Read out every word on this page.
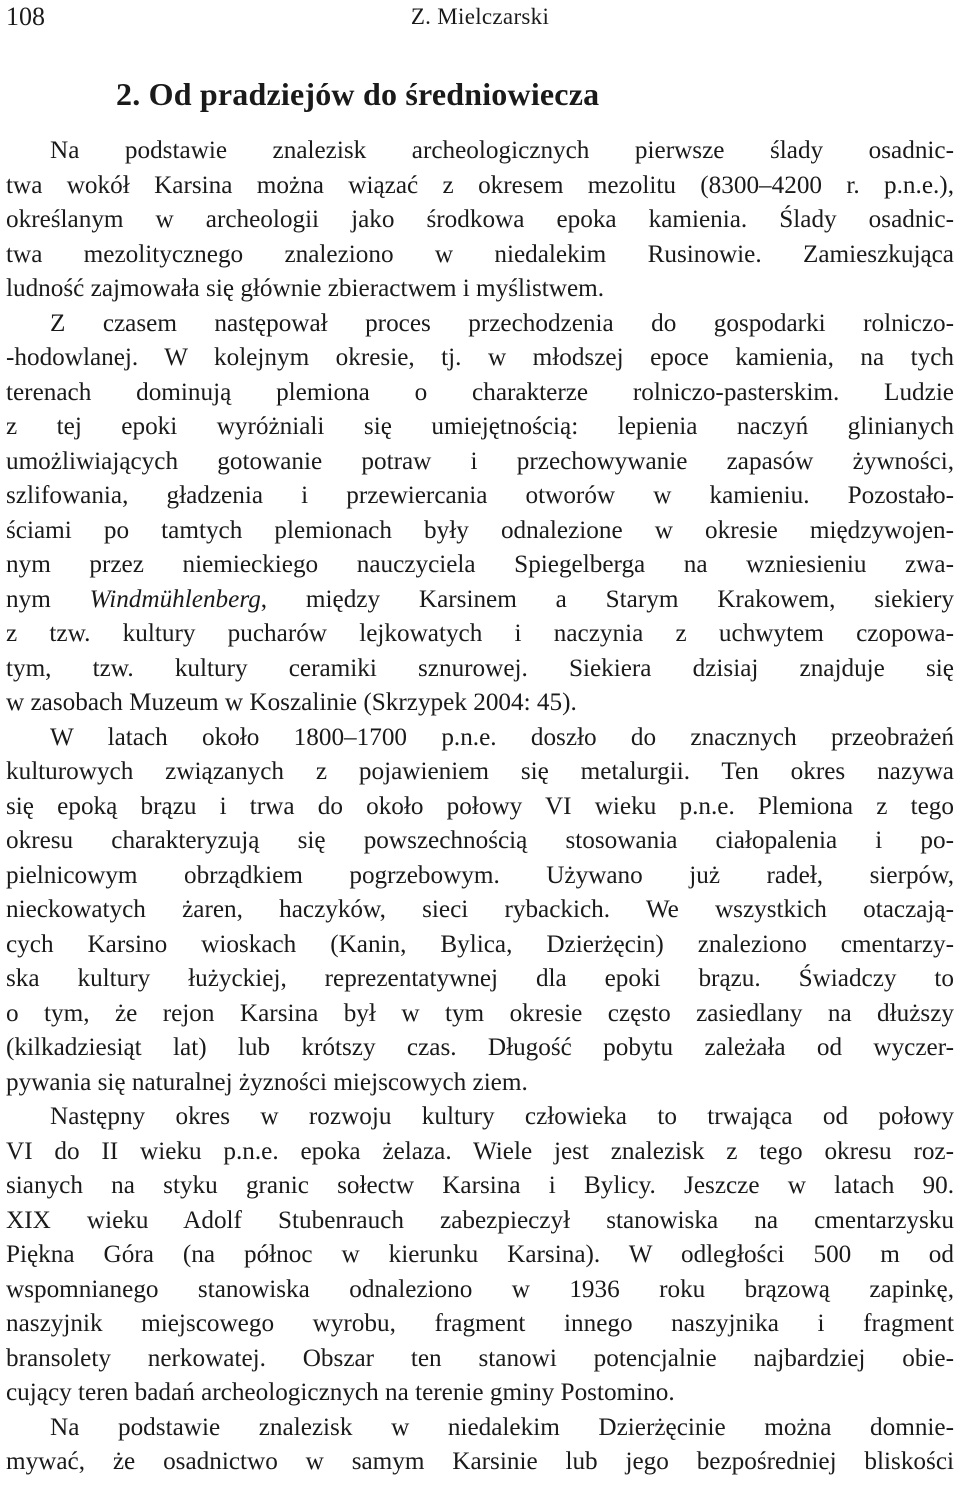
108	Z. Mielczarski
2. Od pradziejów do średniowiecza

Na podstawie znalezisk archeologicznych pierwsze ślady osadnic-
twa wokół Karsina można wiązać z okresem mezolitu (8300–4200 r. p.n.e.),
określanym w archeologii jako środkowa epoka kamienia. Ślady osadnic-
twa mezolitycznego znaleziono w niedalekim Rusinowie. Zamieszkująca
ludność zajmowała się głównie zbieractwem i myślistwem.
Z czasem następował proces przechodzenia do gospodarki rolniczo-
-hodowlanej. W kolejnym okresie, tj. w młodszej epoce kamienia, na tych
terenach dominują plemiona o charakterze rolniczo-pasterskim. Ludzie
z tej epoki wyróżniali się umiejętnością: lepienia naczyń glinianych
umożliwiających gotowanie potraw i przechowywanie zapasów żywności,
szlifowania, gładzenia i przewiercania otworów w kamieniu. Pozostało-
ściami po tamtych plemionach były odnalezione w okresie międzywojen-
nym przez niemieckiego nauczyciela Spiegelberga na wzniesieniu zwa-
nym Windmühlenberg, między Karsinem a Starym Krakowem, siekiery
z tzw. kultury pucharów lejkowatych i naczynia z uchwytem czopowa-
tym, tzw. kultury ceramiki sznurowej. Siekiera dzisiaj znajduje się
w zasobach Muzeum w Koszalinie (Skrzypek 2004: 45).

W latach około 1800–1700 p.n.e. doszło do znacznych przeobrażeń
kulturowych związanych z pojawieniem się metalurgii. Ten okres nazywa
się epoką brązu i trwa do około połowy VI wieku p.n.e. Plemiona z tego
okresu charakteryzują się powszechnością stosowania ciałopalenia i po-
pielnicowym obrządkiem pogrzebowym. Używano już radeł, sierpów,
nieckowatych żaren, haczyków, sieci rybackich. We wszystkich otaczają-
cych Karsino wioskach (Kanin, Bylica, Dzierżęcin) znaleziono cmentarzy-
ska kultury łużyckiej, reprezentatywnej dla epoki brązu. Świadczy to
o tym, że rejon Karsina był w tym okresie często zasiedlany na dłuższy
(kilkadziesiąt lat) lub krótszy czas. Długość pobytu zależała od wyczer-
pywania się naturalnej żyzności miejscowych ziem.

Następny okres w rozwoju kultury człowieka to trwająca od połowy
VI do II wieku p.n.e. epoka żelaza. Wiele jest znalezisk z tego okresu roz-
sianych na styku granic sołectw Karsina i Bylicy. Jeszcze w latach 90.
XIX wieku Adolf Stubenrauch zabezpieczył stanowiska na cmentarzysku
Piękna Góra (na północ w kierunku Karsina). W odległości 500 m od
wspomnianego stanowiska odnaleziono w 1936 roku brązową zapinkę,
naszyjnik miejscowego wyrobu, fragment innego naszyjnika i fragment
bransolety nerkowatej. Obszar ten stanowi potencjalnie najbardziej obie-
cujący teren badań archeologicznych na terenie gminy Postomino.

Na podstawie znalezisk w niedalekim Dzierżęcinie można domnie-
mywać, że osadnictwo w samym Karsinie lub jego bezpośredniej bliskości
